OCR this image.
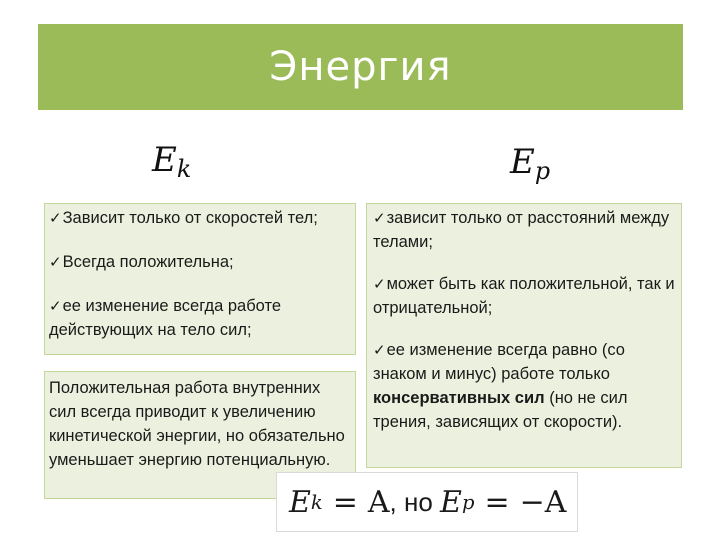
Энергия
$E_k$	$E_p$

✓Зависит только от скоростей тел;

✓Всегда положительна;

✓ее изменение всегда работе действующих на тело сил;

Положительная работа внутренних сил всегда приводит к увеличению кинетической энергии, но обязательно уменьшает энергию потенциальную.

✓зависит только от расстояний между телами;

✓может быть как положительной, так и отрицательной;

✓ее изменение всегда равно (со знаком и минус) работе только консервативных сил (но не сил трения, зависящих от скорости).

E k = A , но E p = −A
